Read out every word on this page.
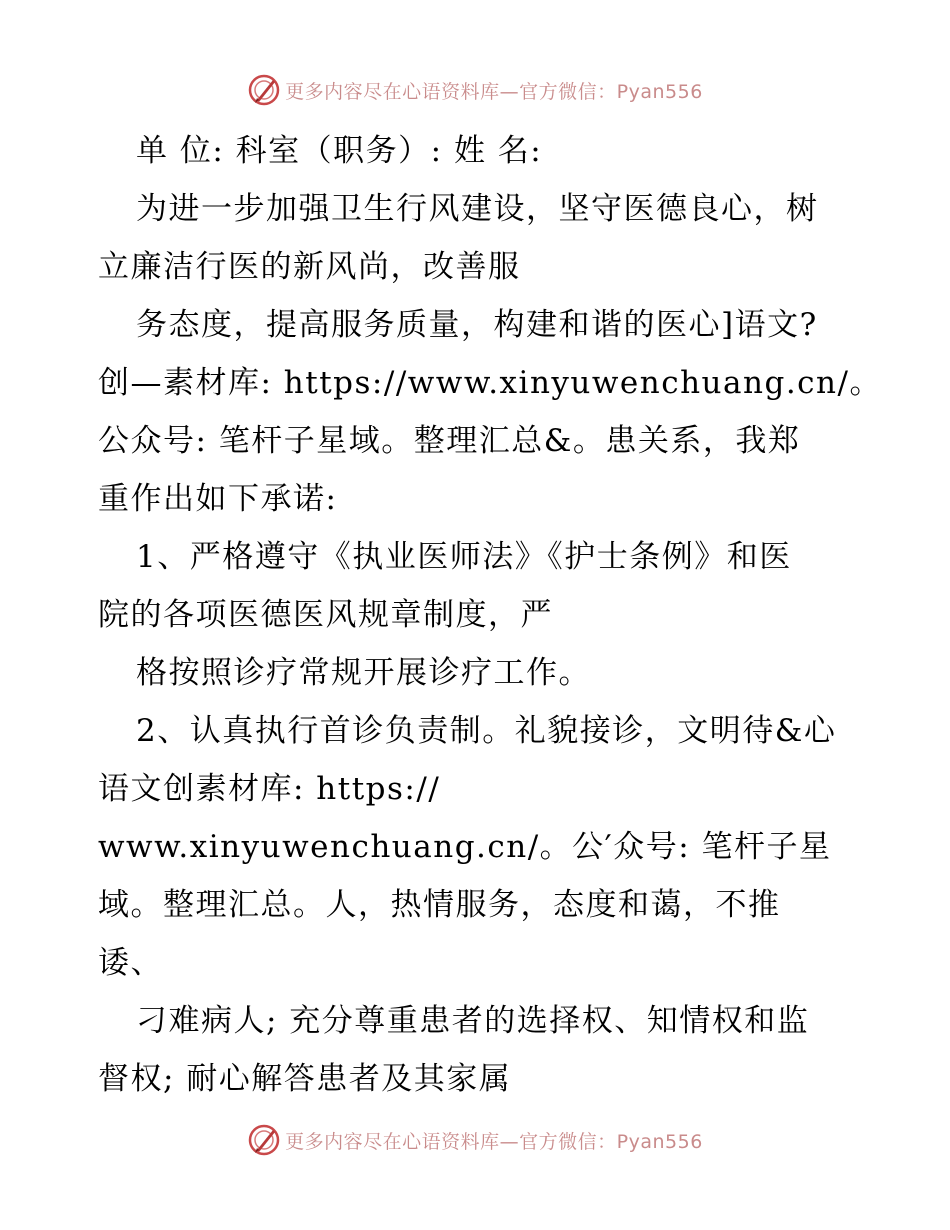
更多内容尽在心语资料库—官方微信：Pyan556
单 位: 科室（职务）: 姓 名:
为进一步加强卫生行风建设，坚守医德良心，树
立廉洁行医的新风尚，改善服
务态度，提高服务质量，构建和谐的医心]语文?
创—素材库: https://www.xinyuwenchuang.cn/。
公众号: 笔杆子星域。整理汇总&。患关系，我郑
重作出如下承诺:
1、严格遵守《执业医师法》《护士条例》和医
院的各项医德医风规章制度，严
格按照诊疗常规开展诊疗工作。
2、认真执行首诊负责制。礼貌接诊，文明待&心
语文创素材库: https://
www.xinyuwenchuang.cn/。公′众号: 笔杆子星
域。整理汇总。人，热情服务，态度和蔼，不推
诿、
刁难病人; 充分尊重患者的选择权、知情权和监
督权; 耐心解答患者及其家属
更多内容尽在心语资料库—官方微信：Pyan556
